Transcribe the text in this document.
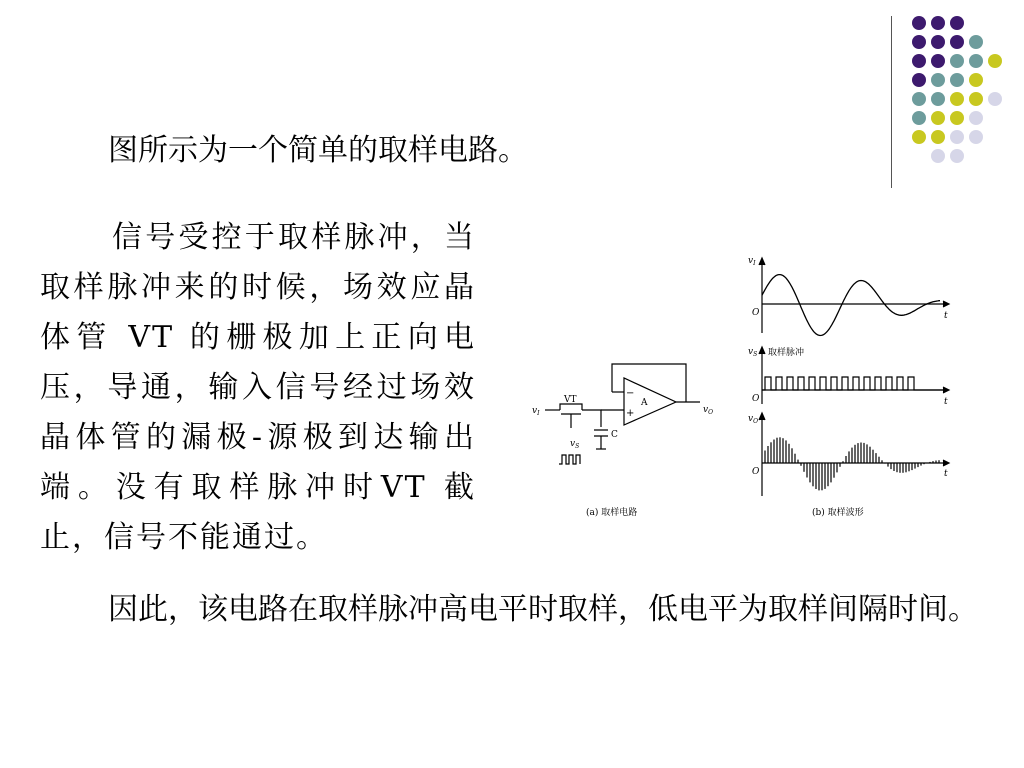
图所示为一个简单的取样电路。

信号受控于取样脉冲，当取样脉冲来的时候，场效应晶体管 VT 的栅极加上正向电压，导通，输入信号经过场效晶体管的漏极-源极到达输出端。没有取样脉冲时VT 截止，信号不能通过。

因此，该电路在取样脉冲高电平时取样，低电平为取样间隔时间。

$v_I$
VT
$v_S$
C
A
−
+	$v_O$
(a) 取样电路
$v_I$
O	t
$v_S$ 取样脉冲
O	t
$v_O$
O	t
(b) 取样波形
